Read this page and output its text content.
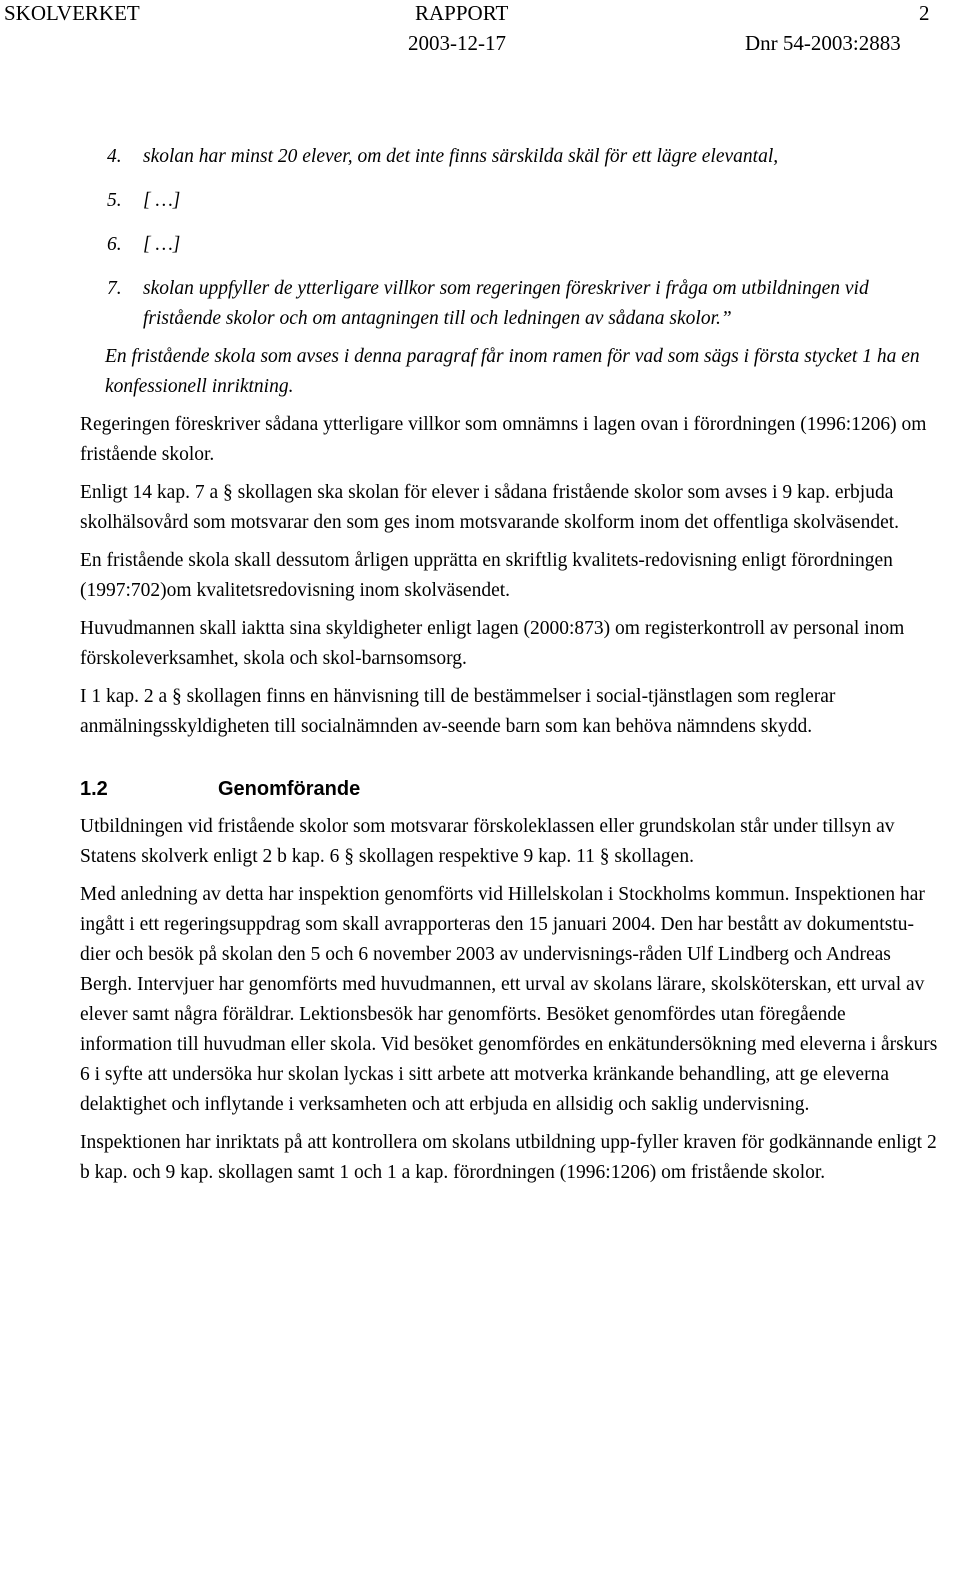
SKOLVERKET	RAPPORT	2
2003-12-17	Dnr 54-2003:2883
4. skolan har minst 20 elever, om det inte finns särskilda skäl för ett lägre elevantal,
5. [ …]
6. [ …]
7. skolan uppfyller de ytterligare villkor som regeringen föreskriver i fråga om utbildningen vid fristående skolor och om antagningen till och ledningen av sådana skolor.”

En fristående skola som avses i denna paragraf får inom ramen för vad som sägs i första stycket 1 ha en konfessionell inriktning.

Regeringen föreskriver sådana ytterligare villkor som omnämns i lagen ovan i förordningen (1996:1206) om fristående skolor.

Enligt 14 kap. 7 a § skollagen ska skolan för elever i sådana fristående skolor som avses i 9 kap. erbjuda skolhälsovård som motsvarar den som ges inom motsvarande skolform inom det offentliga skolväsendet.

En fristående skola skall dessutom årligen upprätta en skriftlig kvalitets-redovisning enligt förordningen (1997:702)om kvalitetsredovisning inom skolväsendet.

Huvudmannen skall iaktta sina skyldigheter enligt lagen (2000:873) om registerkontroll av personal inom förskoleverksamhet, skola och skol-barnsomsorg.

I 1 kap. 2 a § skollagen finns en hänvisning till de bestämmelser i social-tjänstlagen som reglerar anmälningsskyldigheten till socialnämnden av-seende barn som kan behöva nämndens skydd.

1.2	Genomförande

Utbildningen vid fristående skolor som motsvarar förskoleklassen eller grundskolan står under tillsyn av Statens skolverk enligt 2 b kap. 6 § skollagen respektive 9 kap. 11 § skollagen.

Med anledning av detta har inspektion genomförts vid Hillelskolan i Stockholms kommun. Inspektionen har ingått i ett regeringsuppdrag som skall avrapporteras den 15 januari 2004. Den har bestått av dokumentstu-dier och besök på skolan den 5 och 6 november 2003 av undervisnings-råden Ulf Lindberg och Andreas Bergh. Intervjuer har genomförts med huvudmannen, ett urval av skolans lärare, skolsköterskan, ett urval av elever samt några föräldrar. Lektionsbesök har genomförts. Besöket genomfördes utan föregående information till huvudman eller skola. Vid besöket genomfördes en enkätundersökning med eleverna i årskurs 6 i syfte att undersöka hur skolan lyckas i sitt arbete att motverka kränkande behandling, att ge eleverna delaktighet och inflytande i verksamheten och att erbjuda en allsidig och saklig undervisning.

Inspektionen har inriktats på att kontrollera om skolans utbildning upp-fyller kraven för godkännande enligt 2 b kap. och 9 kap. skollagen samt 1 och 1 a kap. förordningen (1996:1206) om fristående skolor.
